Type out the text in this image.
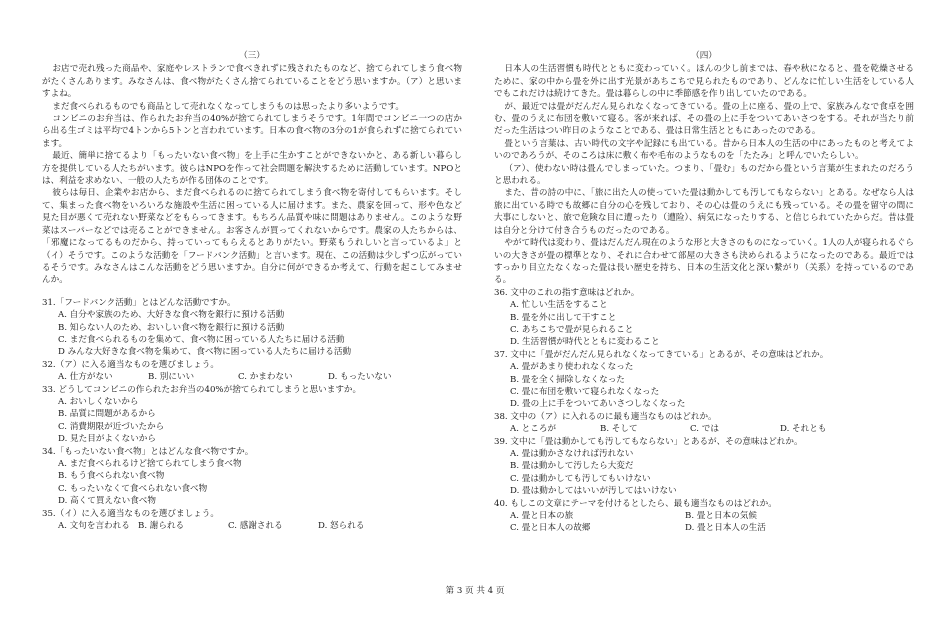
（三）

お店で売れ残った商品や、家庭やレストランで食べきれずに残されたものなど、捨てられてしまう食べ物がたくさんあります。みなさんは、食べ物がたくさん捨てられていることをどう思いますか。（ア）と思いますよね。

まだ食べられるものでも商品として売れなくなってしまうものは思ったより多いようです。

コンビニのお弁当は、作られたお弁当の40%が捨てられてしまうそうです。1年間でコンビニ一つの店から出る生ゴミは平均で4トンから5トンと言われています。日本の食べ物の3分の1が食られずに捨てられています。

最近、簡単に捨てるより「もったいない食べ物」を上手に生かすことができないかと、ある新しい暮らし方を提供している人たちがいます。彼らはNPOを作って社会問題を解決するために活動しています。NPOとは、利益を求めない、一般の人たちが作る団体のことです。

彼らは毎日、企業やお店から、まだ食べられるのに捨てられてしまう食べ物を寄付してもらいます。そして、集まった食べ物をいろいろな施設や生活に困っている人に届けます。また、農家を回って、形や色など見た目が悪くて売れない野菜などをもらってきます。もちろん品質や味に問題はありません。このような野菜はスーパーなどでは売ることができません。お客さんが買ってくれないからです。農家の人たちからは、「邪魔になってるものだから、持っていってもらえるとありがたい。野菜もうれしいと言っているよ」と（イ）そうです。このような活動を「フードバンク活動」と言います。現在、この活動は少しずつ広がっているそうです。みなさんはこんな活動をどう思いますか。自分に何ができるか考えて、行動を起こしてみませんか。

31.「フードバンク活動」とはどんな活動ですか。

A. 自分や家族のため、大好きな食べ物を銀行に預ける活動

B. 知らない人のため、おいしい食べ物を銀行に預ける活動

C. まだ食べられるものを集めて、食べ物に困っている人たちに届ける活動

D みんな大好きな食べ物を集めて、食べ物に困っている人たちに届ける活動

32.（ア）に入る適当なものを選びましょう。

A. 仕方がない	B. 別にいい	C. かまわない	D. もったいない

33. どうしてコンビニの作られたお弁当の40%が捨てられてしまうと思いますか。

A. おいしくないから

B. 品質に問題があるから

C. 消費期限が近づいたから

D. 見た目がよくないから

34.「もったいない食べ物」とはどんな食べ物ですか。

A. まだ食べられるけど捨てられてしまう食べ物

B. もう食べられない食べ物

C. もったいなくて食べられない食べ物

D. 高くて買えない食べ物

35.（イ）に入る適当なものを選びましょう。

A. 文句を言われる B. 謝られる	C. 感謝される	D. 怒られる
（四）

日本人の生活習慣も時代とともに変わっていく。ほんの少し前までは、春や秋になると、畳を乾燥させるために、家の中から畳を外に出す光景があちこちで見られたものであり、どんなに忙しい生活をしている人でもこれだけは続けてきた。畳は暮らしの中に季節感を作り出していたのである。

が、最近では畳がだんだん見られなくなってきている。畳の上に座る、畳の上で、家族みんなで食卓を囲む、畳のうえに布団を敷いて寝る。客が来れば、その畳の上に手をついてあいさつをする。それが当たり前だった生活はつい昨日のようなことである、畳は日常生活とともにあったのである。

畳という言葉は、古い時代の文字や記録にも出ている。昔から日本人の生活の中にあったものと考えてよいのであろうが、そのころは床に敷く布や毛布のようなものを「たたみ」と呼んでいたらしい。

（ア）、使わない時は畳んでしまっていた。つまり、「畳む」ものだから畳という言葉が生まれたのだろうと思われる。

また、昔の詩の中に、「旅に出た人の使っていた畳は動かしても汚してもならない」とある。なぜなら人は旅に出ている時でも故郷に自分の心を残しており、その心は畳のうえにも残っている。その畳を留守の間に大事にしないと、旅で危険な目に遭ったり（遭险）、病気になったりする、と信じられていたからだ。昔は畳は自分と分けて付き合うものだったのである。

やがて時代は変わり、畳はだんだん現在のような形と大きさのものになっていく。1人の人が寝られるぐらいの大きさが畳の標準となり、それに合わせて部屋の大きさも決められるようになったのである。最近ではすっかり目立たなくなった畳は長い歴史を持ち、日本の生活文化と深い繋がり（关系）を持っているのである。

36. 文中のこれの指す意味はどれか。

A. 忙しい生活をすること

B. 畳を外に出して干すこと

C. あちこちで畳が見られること

D. 生活習慣が時代とともに変わること

37. 文中に「畳がだんだん見られなくなってきている」とあるが、その意味はどれか。

A. 畳があまり使われなくなった

B. 畳を全く掃除しなくなった

C. 畳に布団を敷いて寝られなくなった

D. 畳の上に手をついてあいさつしなくなった

38. 文中の（ア）に入れるのに最も適当なものはどれか。

A. ところが	B. そして	C. では	D. それとも

39. 文中に「畳は動かしても汚してもならない」とあるが、その意味はどれか。

A. 畳は動かさなければ汚れない

B. 畳は動かして汚したら大変だ

C. 畳は動かしても汚してもいけない

D. 畳は動かしてはいいが汚してはいけない

40. もしこの文章にテーマを付けるとしたら、最も適当なものはどれか。

A. 畳と日本の旅	B. 畳と日本の気候
C. 畳と日本人の故郷	D. 畳と日本人の生活
第 3 页 共 4 页
